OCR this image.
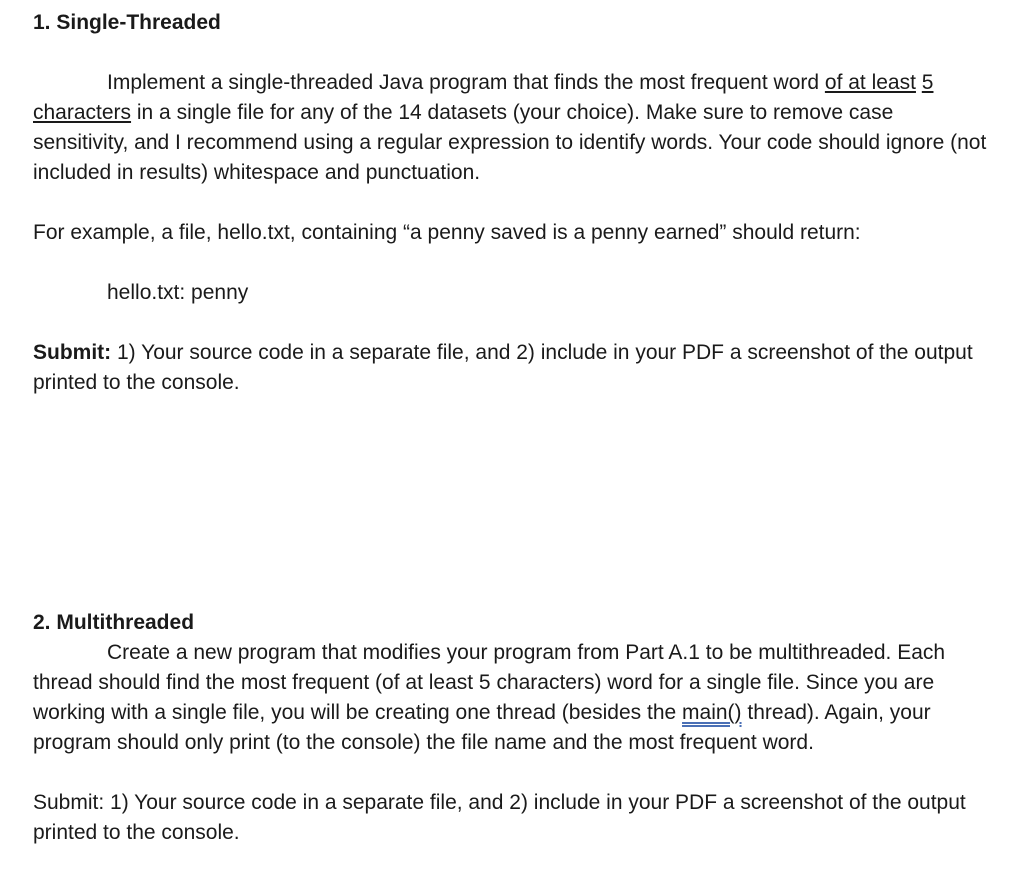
1. Single-Threaded

Implement a single-threaded Java program that finds the most frequent word of at least 5 characters in a single file for any of the 14 datasets (your choice). Make sure to remove case sensitivity, and I recommend using a regular expression to identify words. Your code should ignore (not included in results) whitespace and punctuation.

For example, a file, hello.txt, containing “a penny saved is a penny earned” should return:

hello.txt: penny

Submit: 1) Your source code in a separate file, and 2) include in your PDF a screenshot of the output printed to the console.

2. Multithreaded

Create a new program that modifies your program from Part A.1 to be multithreaded. Each thread should find the most frequent (of at least 5 characters) word for a single file. Since you are working with a single file, you will be creating one thread (besides the main() thread). Again, your program should only print (to the console) the file name and the most frequent word.

Submit: 1) Your source code in a separate file, and 2) include in your PDF a screenshot of the output printed to the console.
